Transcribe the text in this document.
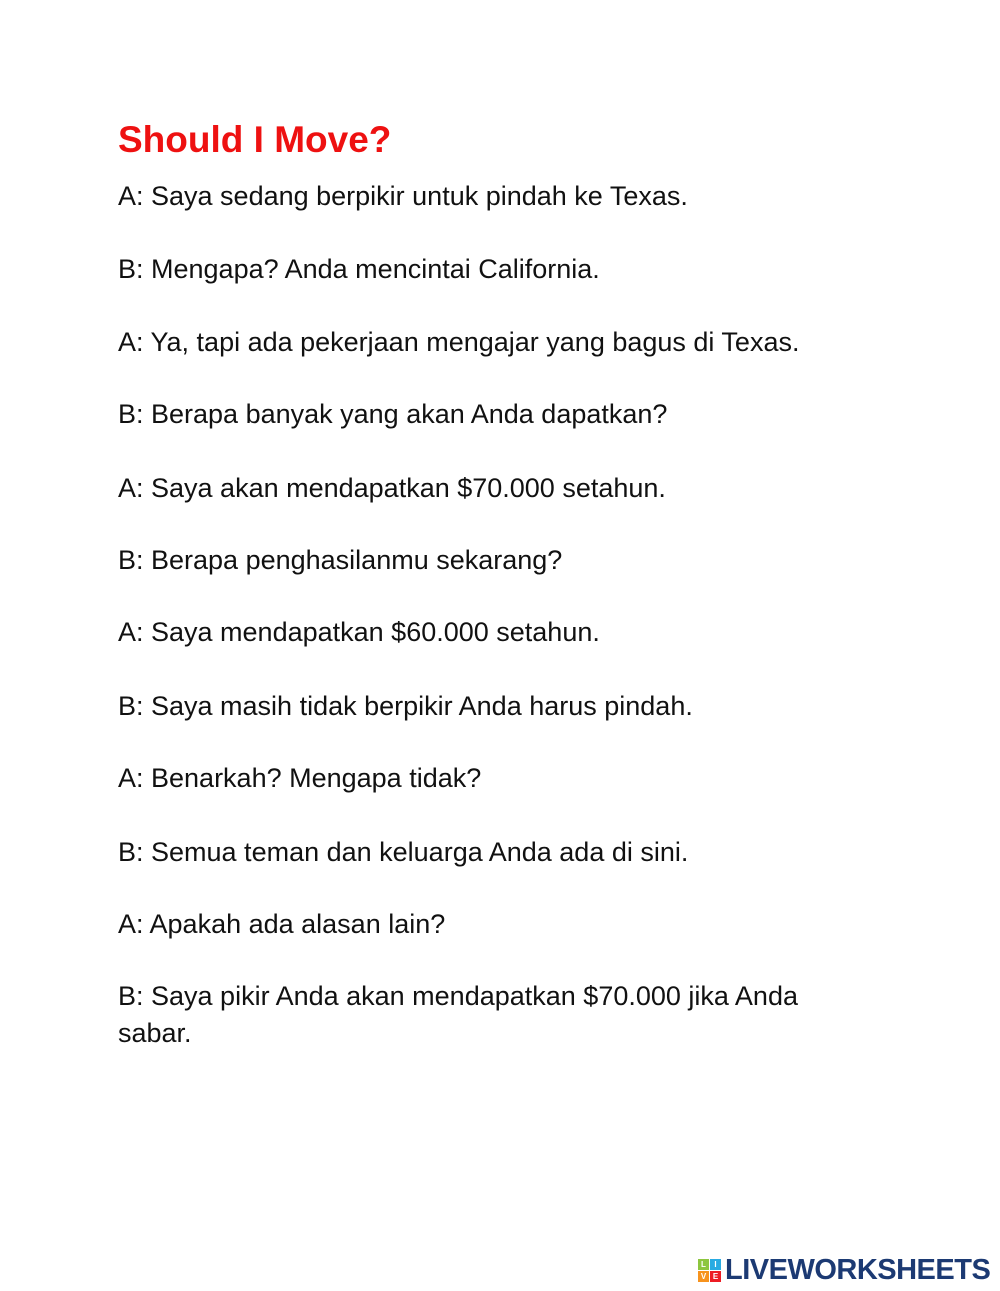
Should I Move?

A: Saya sedang berpikir untuk pindah ke Texas.

B: Mengapa? Anda mencintai California.

A: Ya, tapi ada pekerjaan mengajar yang bagus di Texas.

B: Berapa banyak yang akan Anda dapatkan?

A: Saya akan mendapatkan $70.000 setahun.

B: Berapa penghasilanmu sekarang?

A: Saya mendapatkan $60.000 setahun.

B: Saya masih tidak berpikir Anda harus pindah.

A: Benarkah? Mengapa tidak?

B: Semua teman dan keluarga Anda ada di sini.

A: Apakah ada alasan lain?

B: Saya pikir Anda akan mendapatkan $70.000 jika Anda sabar.

L	I
V E LIVEWORKSHEETS
